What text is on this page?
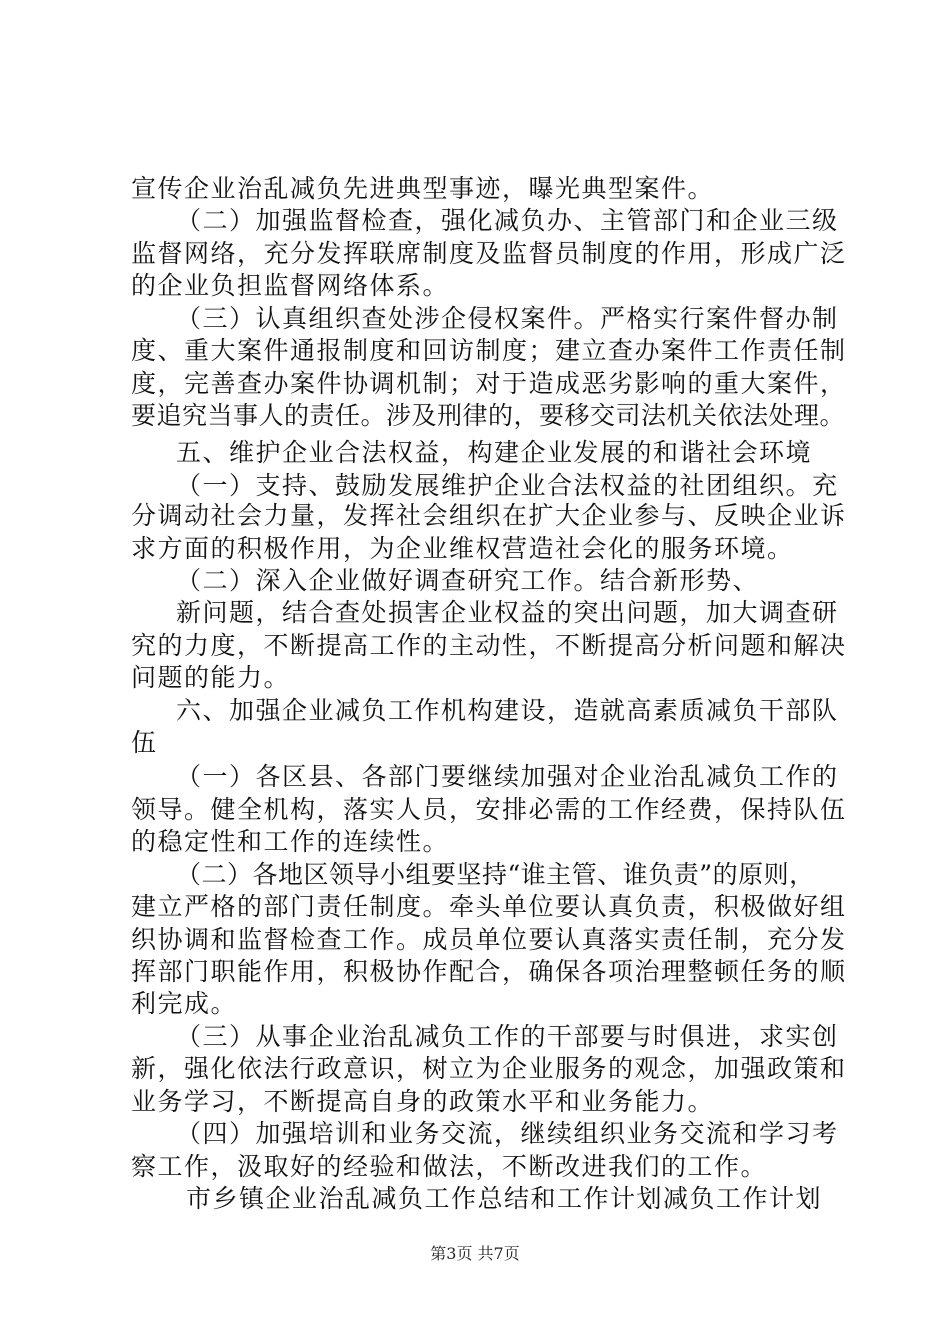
宣传企业治乱减负先进典型事迹，曝光典型案件。
（二）加强监督检查，强化减负办、主管部门和企业三级
监督网络，充分发挥联席制度及监督员制度的作用，形成广泛
的企业负担监督网络体系。
（三）认真组织查处涉企侵权案件。严格实行案件督办制
度、重大案件通报制度和回访制度；建立查办案件工作责任制
度，完善查办案件协调机制；对于造成恶劣影响的重大案件，
要追究当事人的责任。涉及刑律的，要移交司法机关依法处理。
五、维护企业合法权益，构建企业发展的和谐社会环境
（一）支持、鼓励发展维护企业合法权益的社团组织。充
分调动社会力量，发挥社会组织在扩大企业参与、反映企业诉
求方面的积极作用，为企业维权营造社会化的服务环境。
（二）深入企业做好调查研究工作。结合新形势、
新问题，结合查处损害企业权益的突出问题，加大调查研
究的力度，不断提高工作的主动性，不断提高分析问题和解决
问题的能力。
六、加强企业减负工作机构建设，造就高素质减负干部队
伍
（一）各区县、各部门要继续加强对企业治乱减负工作的
领导。健全机构，落实人员，安排必需的工作经费，保持队伍
的稳定性和工作的连续性。
（二）各地区领导小组要坚持“谁主管、谁负责”的原则，
建立严格的部门责任制度。牵头单位要认真负责，积极做好组
织协调和监督检查工作。成员单位要认真落实责任制，充分发
挥部门职能作用，积极协作配合，确保各项治理整顿任务的顺
利完成。
（三）从事企业治乱减负工作的干部要与时俱进，求实创
新，强化依法行政意识，树立为企业服务的观念，加强政策和
业务学习，不断提高自身的政策水平和业务能力。
（四）加强培训和业务交流，继续组织业务交流和学习考
察工作，汲取好的经验和做法，不断改进我们的工作。
市乡镇企业治乱减负工作总结和工作计划减负工作计划
第3页 共7页
